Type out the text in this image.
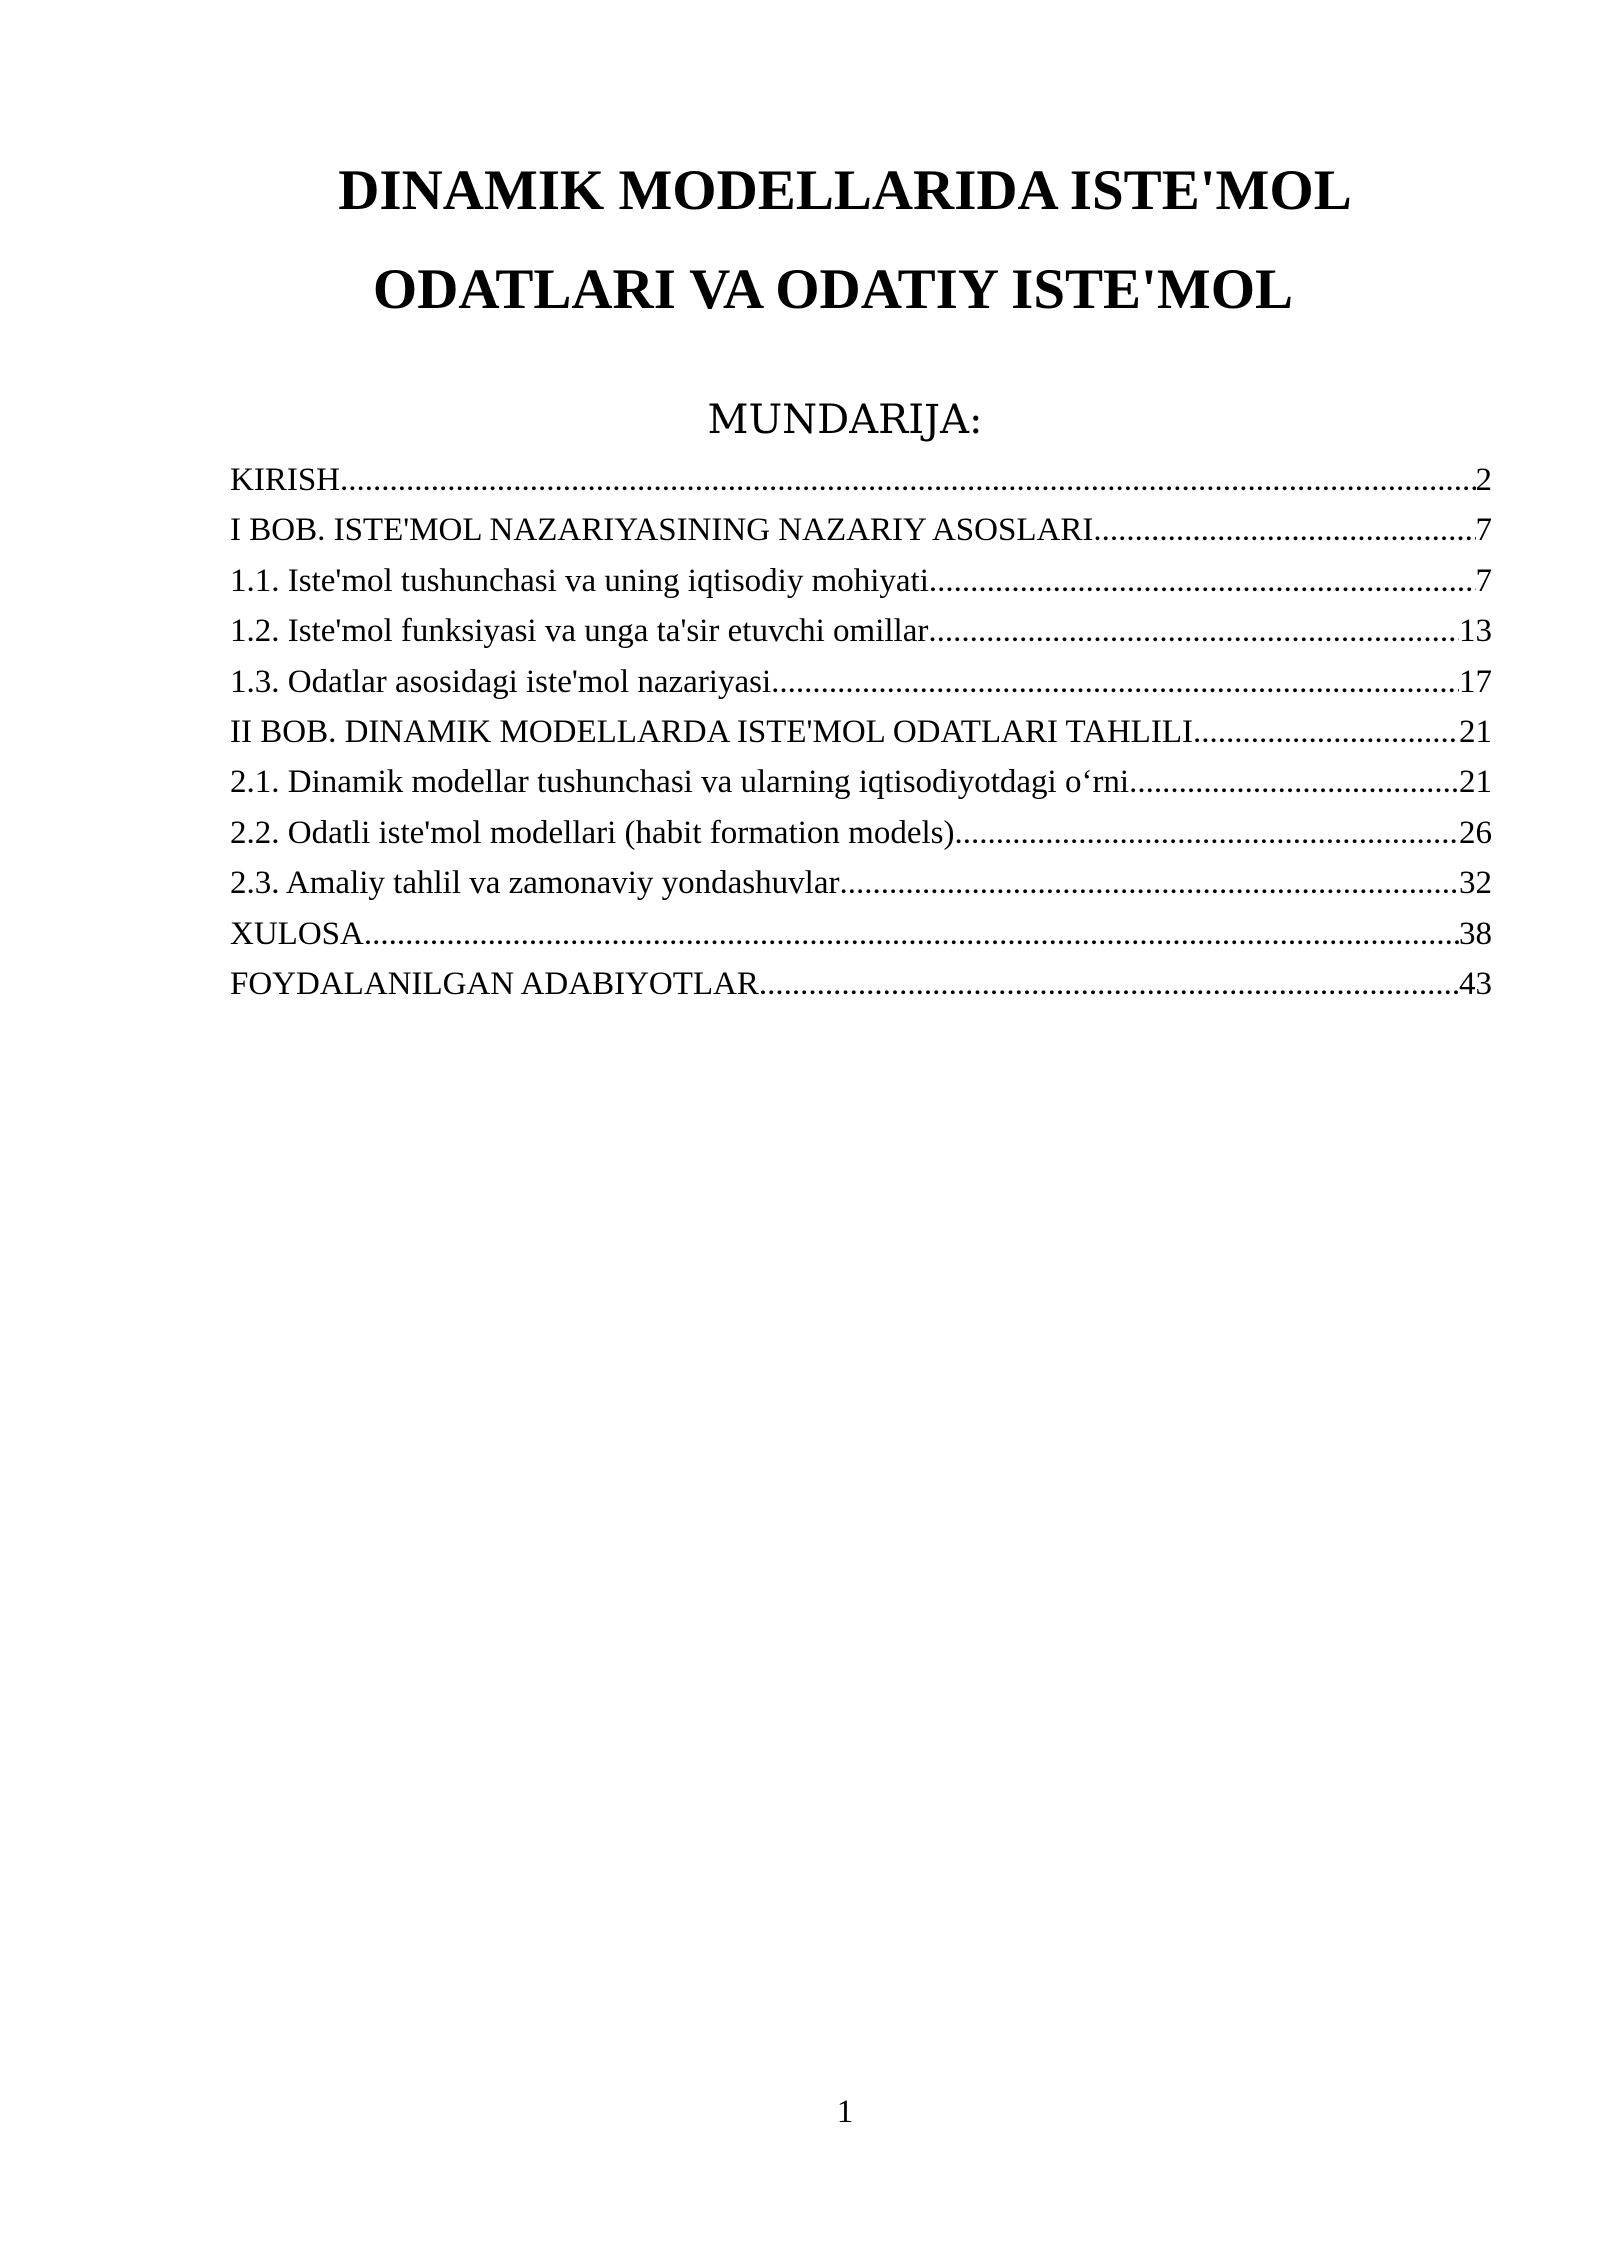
DINAMIK MODELLARIDA ISTE'MOL
ODATLARI VA ODATIY ISTE'MOL
MUNDARIJA:
KIRISH .....	2
I BOB. ISTE'MOL NAZARIYASINING NAZARIY ASOSLARI .....	7
1.1. Iste'mol tushunchasi va uning iqtisodiy mohiyati .....	7
1.2. Iste'mol funksiyasi va unga ta'sir etuvchi omillar .....	13
1.3. Odatlar asosidagi iste'mol nazariyasi .....	17
II BOB. DINAMIK MODELLARDA ISTE'MOL ODATLARI TAHLILI .....	21
2.1. Dinamik modellar tushunchasi va ularning iqtisodiyotdagi o‘rni .....	21
2.2. Odatli iste'mol modellari (habit formation models) .....	26
2.3. Amaliy tahlil va zamonaviy yondashuvlar .....	32
XULOSA .....	38
FOYDALANILGAN ADABIYOTLAR .....	43
1
